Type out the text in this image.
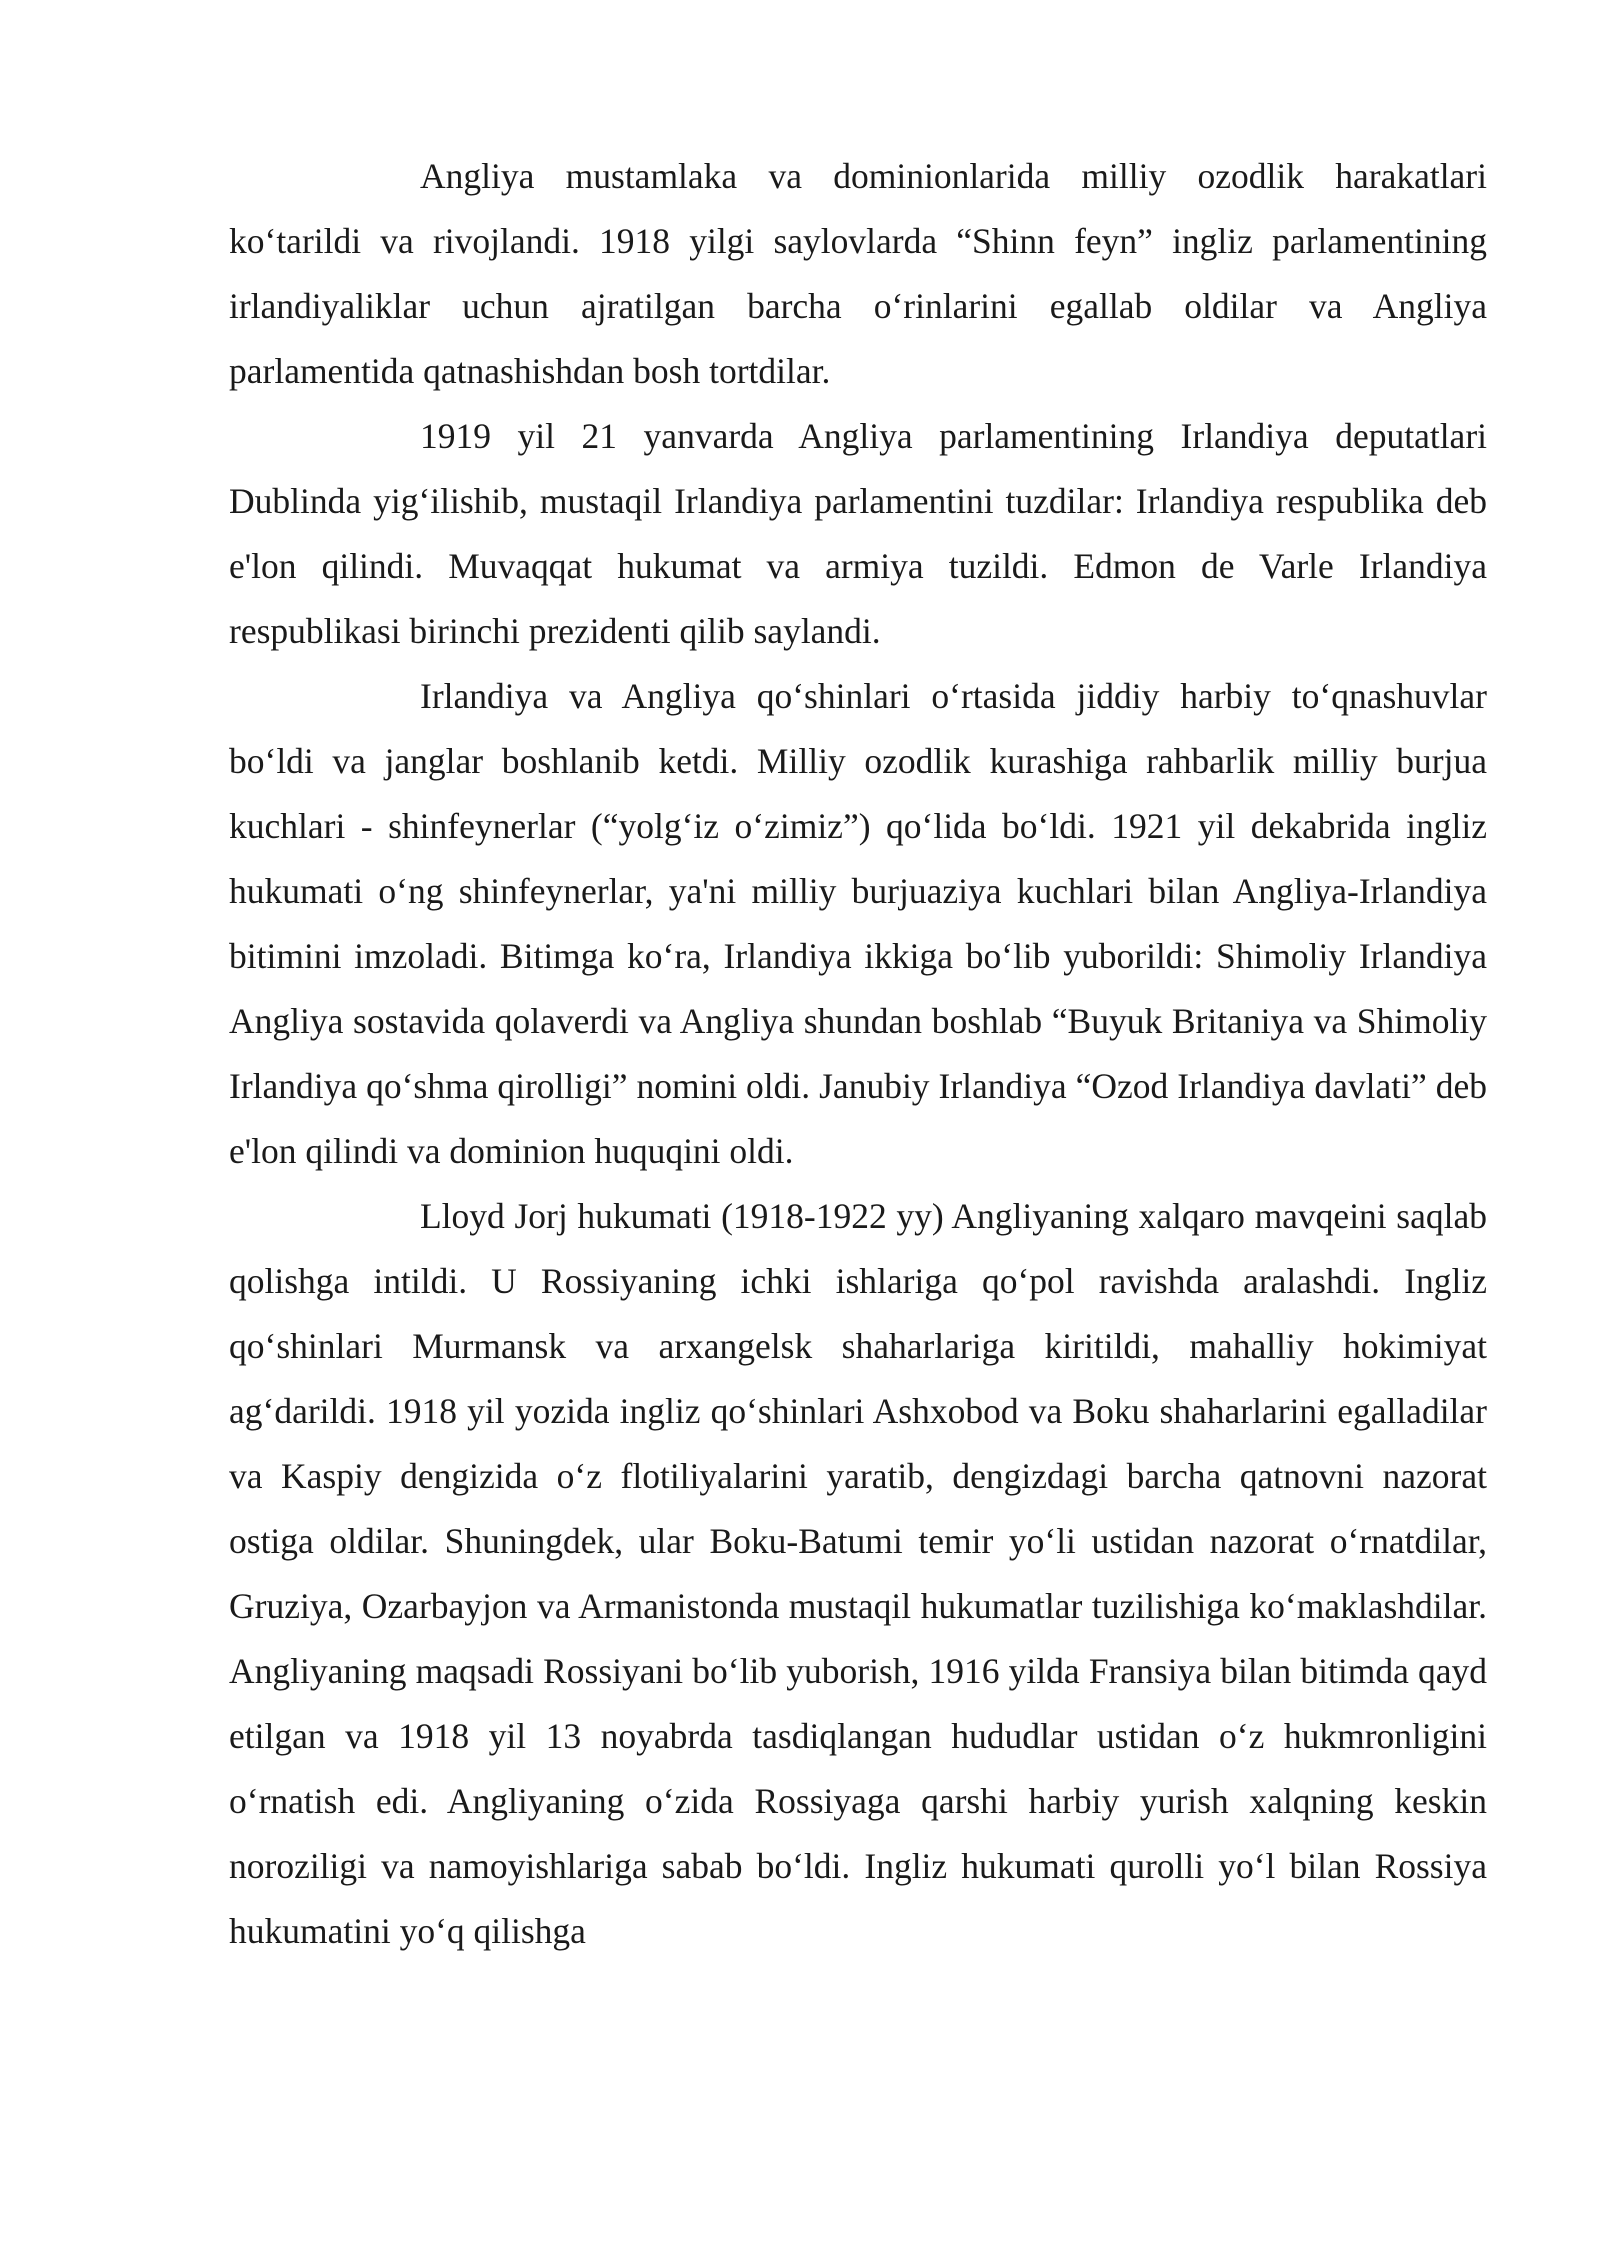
Angliya mustamlaka va dominionlarida milliy ozodlik harakatlari ko‘tarildi va rivojlandi. 1918 yilgi saylovlarda “Shinn feyn” ingliz parlamentining irlandiyaliklar uchun ajratilgan barcha o‘rinlarini egallab oldilar va Angliya parlamentida qatnashishdan bosh tortdilar.

1919 yil 21 yanvarda Angliya parlamentining Irlandiya deputatlari Dublinda yig‘ilishib, mustaqil Irlandiya parlamentini tuzdilar: Irlandiya respublika deb e'lon qilindi. Muvaqqat hukumat va armiya tuzildi. Edmon de Varle Irlandiya respublikasi birinchi prezidenti qilib saylandi.

Irlandiya va Angliya qo‘shinlari o‘rtasida jiddiy harbiy to‘qnashuvlar bo‘ldi va janglar boshlanib ketdi. Milliy ozodlik kurashiga rahbarlik milliy burjua kuchlari - shinfeynerlar (“yolg‘iz o‘zimiz”) qo‘lida bo‘ldi. 1921 yil dekabrida ingliz hukumati o‘ng shinfeynerlar, ya'ni milliy burjuaziya kuchlari bilan Angliya-Irlandiya bitimini imzoladi. Bitimga ko‘ra, Irlandiya ikkiga bo‘lib yuborildi: Shimoliy Irlandiya Angliya sostavida qolaverdi va Angliya shundan boshlab “Buyuk Britaniya va Shimoliy Irlandiya qo‘shma qirolligi” nomini oldi. Janubiy Irlandiya “Ozod Irlandiya davlati” deb e'lon qilindi va dominion huquqini oldi.

Lloyd Jorj hukumati (1918-1922 yy) Angliyaning xalqaro mavqeini saqlab qolishga intildi. U Rossiyaning ichki ishlariga qo‘pol ravishda aralashdi. Ingliz qo‘shinlari Murmansk va arxangelsk shaharlariga kiritildi, mahalliy hokimiyat ag‘darildi. 1918 yil yozida ingliz qo‘shinlari Ashxobod va Boku shaharlarini egalladilar va Kaspiy dengizida o‘z flotiliyalarini yaratib, dengizdagi barcha qatnovni nazorat ostiga oldilar. Shuningdek, ular Boku-Batumi temir yo‘li ustidan nazorat o‘rnatdilar, Gruziya, Ozarbayjon va Armanistonda mustaqil hukumatlar tuzilishiga ko‘maklashdilar. Angliyaning maqsadi Rossiyani bo‘lib yuborish, 1916 yilda Fransiya bilan bitimda qayd etilgan va 1918 yil 13 noyabrda tasdiqlangan hududlar ustidan o‘z hukmronligini o‘rnatish edi. Angliyaning o‘zida Rossiyaga qarshi harbiy yurish xalqning keskin noroziligi va namoyishlariga sabab bo‘ldi. Ingliz hukumati qurolli yo‘l bilan Rossiya hukumatini yo‘q qilishga
